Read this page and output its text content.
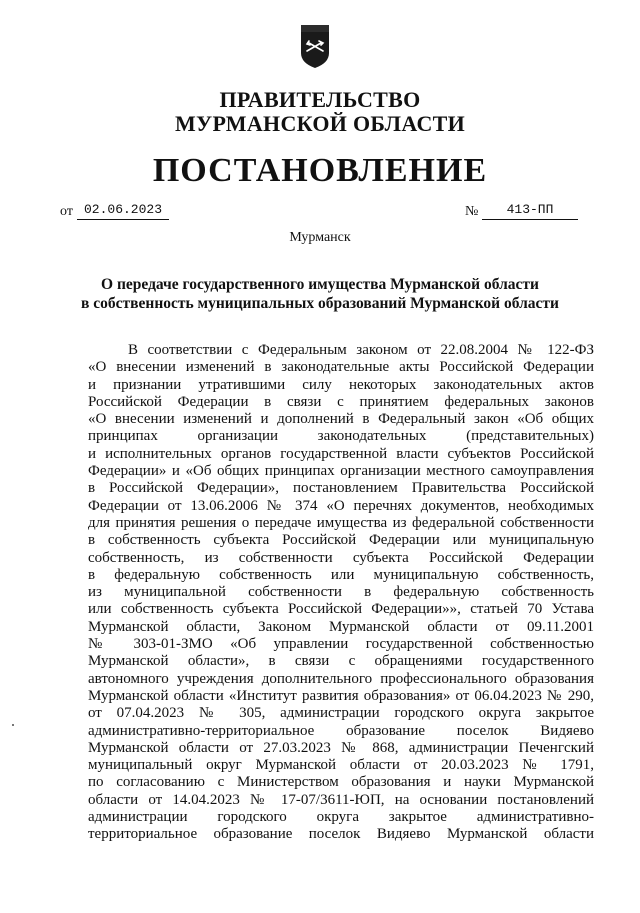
ПРАВИТЕЛЬСТВО
МУРМАНСКОЙ ОБЛАСТИ
ПОСТАНОВЛЕНИЕ
от 02.06.2023	№	413-ПП
Мурманск
О передаче государственного имущества Мурманской области
в собственность муниципальных образований Мурманской области
В соответствии с Федеральным законом от 22.08.2004 № 122-ФЗ
«О внесении изменений в законодательные акты Российской Федерации
и признании утратившими силу некоторых законодательных актов
Российской Федерации в связи с принятием федеральных законов
«О внесении изменений и дополнений в Федеральный закон «Об общих
принципах организации законодательных (представительных)
и исполнительных органов государственной власти субъектов Российской
Федерации» и «Об общих принципах организации местного самоуправления
в Российской Федерации», постановлением Правительства Российской
Федерации от 13.06.2006 № 374 «О перечнях документов, необходимых
для принятия решения о передаче имущества из федеральной собственности
в собственность субъекта Российской Федерации или муниципальную
собственность, из собственности субъекта Российской Федерации
в федеральную собственность или муниципальную собственность,
из муниципальной собственности в федеральную собственность
или собственность субъекта Российской Федерации»», статьей 70 Устава
Мурманской области, Законом Мурманской области от 09.11.2001
№ 303-01-ЗМО «Об управлении государственной собственностью
Мурманской области», в связи с обращениями государственного
автономного учреждения дополнительного профессионального образования
Мурманской области «Институт развития образования» от 06.04.2023 № 290,
от 07.04.2023 № 305, администрации городского округа закрытое
административно-территориальное образование поселок Видяево
Мурманской области от 27.03.2023 № 868, администрации Печенгский
муниципальный округ Мурманской области от 20.03.2023 № 1791,
по согласованию с Министерством образования и науки Мурманской
области от 14.04.2023 № 17-07/3611-ЮП, на основании постановлений
администрации городского округа закрытое административно-
территориальное образование поселок Видяево Мурманской области
